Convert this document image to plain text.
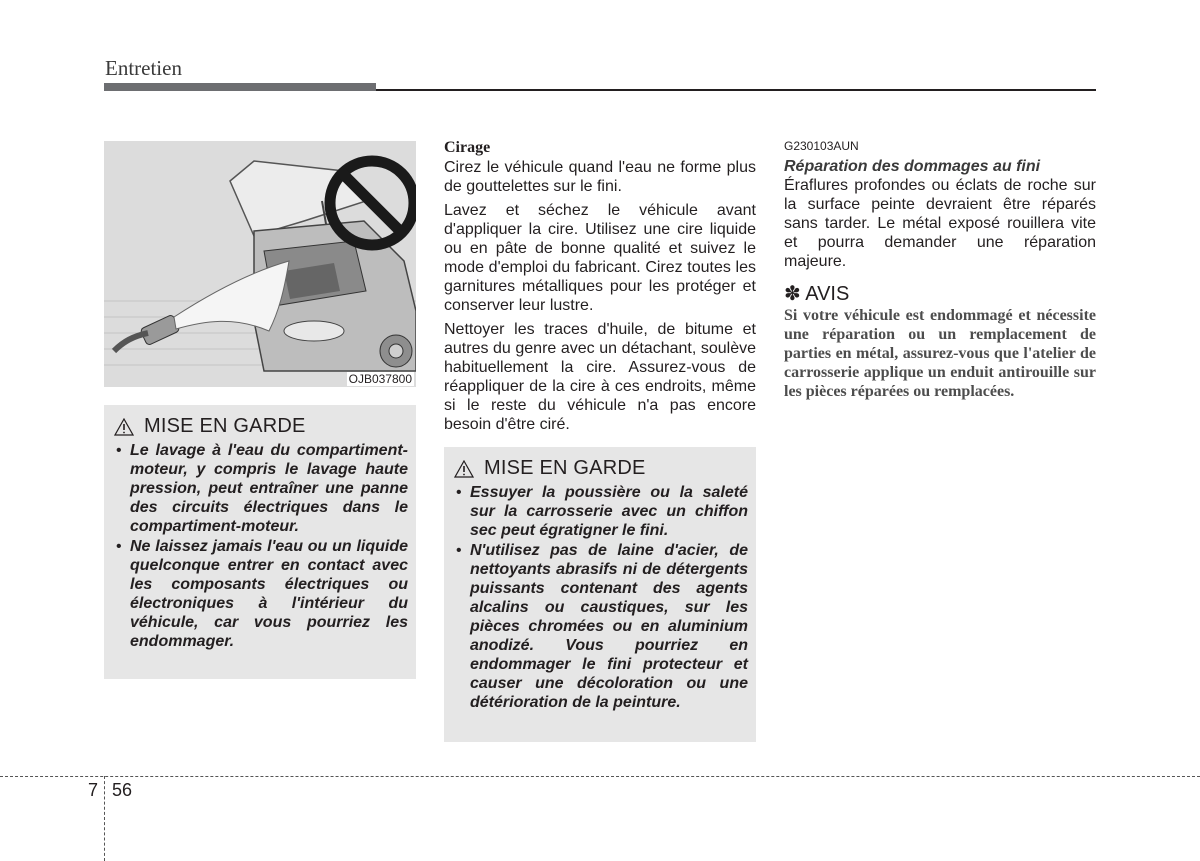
Entretien
OJB037800
MISE EN GARDE
• Le lavage à l'eau du compartiment-moteur, y compris le lavage haute pression, peut entraîner une panne des circuits électriques dans le compartiment-moteur.
• Ne laissez jamais l'eau ou un liquide quelconque entrer en contact avec les composants électriques ou électroniques à l'intérieur du véhicule, car vous pourriez les endommager.
Cirage

Cirez le véhicule quand l'eau ne forme plus de gouttelettes sur le fini.

Lavez et séchez le véhicule avant d'appliquer la cire. Utilisez une cire liquide ou en pâte de bonne qualité et suivez le mode d'emploi du fabricant. Cirez toutes les garnitures métalliques pour les protéger et conserver leur lustre.

Nettoyer les traces d'huile, de bitume et autres du genre avec un détachant, soulève habituellement la cire. Assurez-vous de réappliquer de la cire à ces endroits, même si le reste du véhicule n'a pas encore besoin d'être ciré.

MISE EN GARDE
• Essuyer la poussière ou la saleté sur la carrosserie avec un chiffon sec peut égratigner le fini.
• N'utilisez pas de laine d'acier, de nettoyants abrasifs ni de détergents puissants contenant des agents alcalins ou caustiques, sur les pièces chromées ou en aluminium anodizé. Vous pourriez en endommager le fini protecteur et causer une décoloration ou une détérioration de la peinture.
G230103AUN
Réparation des dommages au fini

Éraflures profondes ou éclats de roche sur la surface peinte devraient être réparés sans tarder. Le métal exposé rouillera vite et pourra demander une réparation majeure.

✽ AVIS
Si votre véhicule est endommagé et nécessite une réparation ou un remplacement de parties en métal, assurez-vous que l'atelier de carrosserie applique un enduit antirouille sur les pièces réparées ou remplacées.
7 56
